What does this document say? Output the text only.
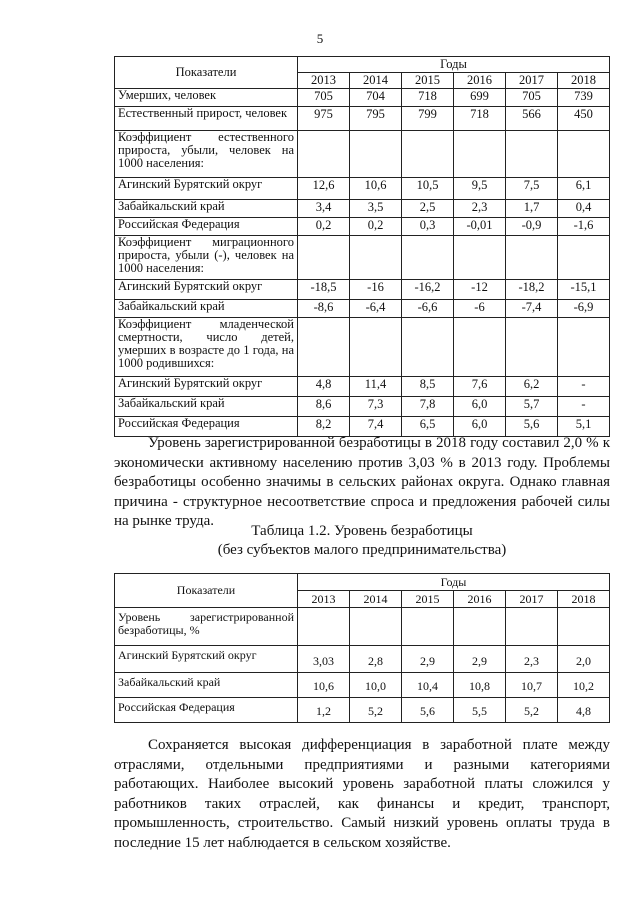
5
Показатели	Годы					
	2013	2014	2015	2016	2017	2018
Умерших, человек	705	704	718	699	705	739
Естественный прирост, человек	975	795	799	718	566	450
Коэффициент естественного прироста, убыли, человек на 1000 населения:						
Агинский Бурятский округ	12,6	10,6	10,5	9,5	7,5	6,1
Забайкальский край	3,4	3,5	2,5	2,3	1,7	0,4
Российская Федерация	0,2	0,2	0,3	-0,01	-0,9	-1,6
Коэффициент миграционного прироста, убыли (-), человек на 1000 населения:						
Агинский Бурятский округ	-18,5	-16	-16,2	-12	-18,2	-15,1
Забайкальский край	-8,6	-6,4	-6,6	-6	-7,4	-6,9
Коэффициент младенческой смертности, число детей, умерших в возрасте до 1 года, на 1000 родившихся:						
Агинский Бурятский округ	4,8	11,4	8,5	7,6	6,2	-
Забайкальский край	8,6	7,3	7,8	6,0	5,7	-
Российская Федерация	8,2	7,4	6,5	6,0	5,6	5,1

Уровень зарегистрированной безработицы в 2018 году составил 2,0 % к экономически активному населению против 3,03 % в 2013 году. Проблемы безработицы особенно значимы в сельских районах округа. Однако главная причина - структурное несоответствие спроса и предложения рабочей силы на рынке труда.

Таблица 1.2. Уровень безработицы
(без субъектов малого предпринимательства)
Показатели	Годы					
	2013	2014	2015	2016	2017	2018
Уровень зарегистрированной безработицы, %						
Агинский Бурятский округ	3,03	2,8	2,9	2,9	2,3	2,0
Забайкальский край	10,6	10,0	10,4	10,8	10,7	10,2
Российская Федерация	1,2	5,2	5,6	5,5	5,2	4,8

Сохраняется высокая дифференциация в заработной плате между отраслями, отдельными предприятиями и разными категориями работающих. Наиболее высокий уровень заработной платы сложился у работников таких отраслей, как финансы и кредит, транспорт, промышленность, строительство. Самый низкий уровень оплаты труда в последние 15 лет наблюдается в сельском хозяйстве.
